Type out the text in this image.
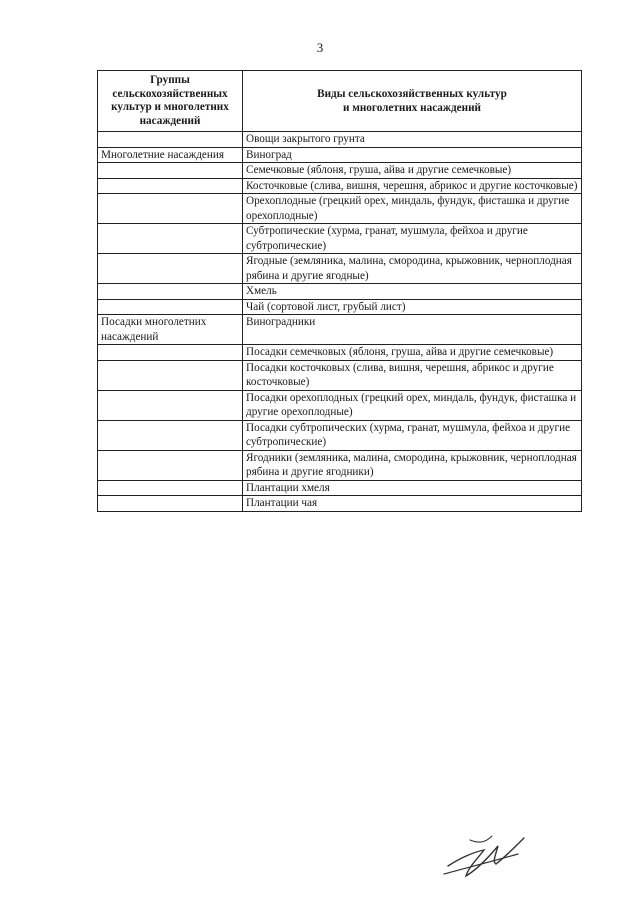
3
Группы сельскохозяйственных культур и многолетних насаждений	Виды сельскохозяйственных культур
и многолетних насаждений
	Овощи закрытого грунта
Многолетние насаждения	Виноград
	Семечковые (яблоня, груша, айва и другие семечковые)
	Косточковые (слива, вишня, черешня, абрикос и другие косточковые)
	Орехоплодные (грецкий орех, миндаль, фундук, фисташка и другие орехоплодные)
	Субтропические (хурма, гранат, мушмула, фейхоа и другие субтропические)
	Ягодные (земляника, малина, смородина, крыжовник, черноплодная рябина и другие ягодные)
	Хмель
	Чай (сортовой лист, грубый лист)
Посадки многолетних насаждений	Виноградники
	Посадки семечковых (яблоня, груша, айва и другие семечковые)
	Посадки косточковых (слива, вишня, черешня, абрикос и другие косточковые)
	Посадки орехоплодных (грецкий орех, миндаль, фундук, фисташка и другие орехоплодные)
	Посадки субтропических (хурма, гранат, мушмула, фейхоа и другие субтропические)
	Ягодники (земляника, малина, смородина, крыжовник, черноплодная рябина и другие ягодники)
	Плантации хмеля
	Плантации чая
